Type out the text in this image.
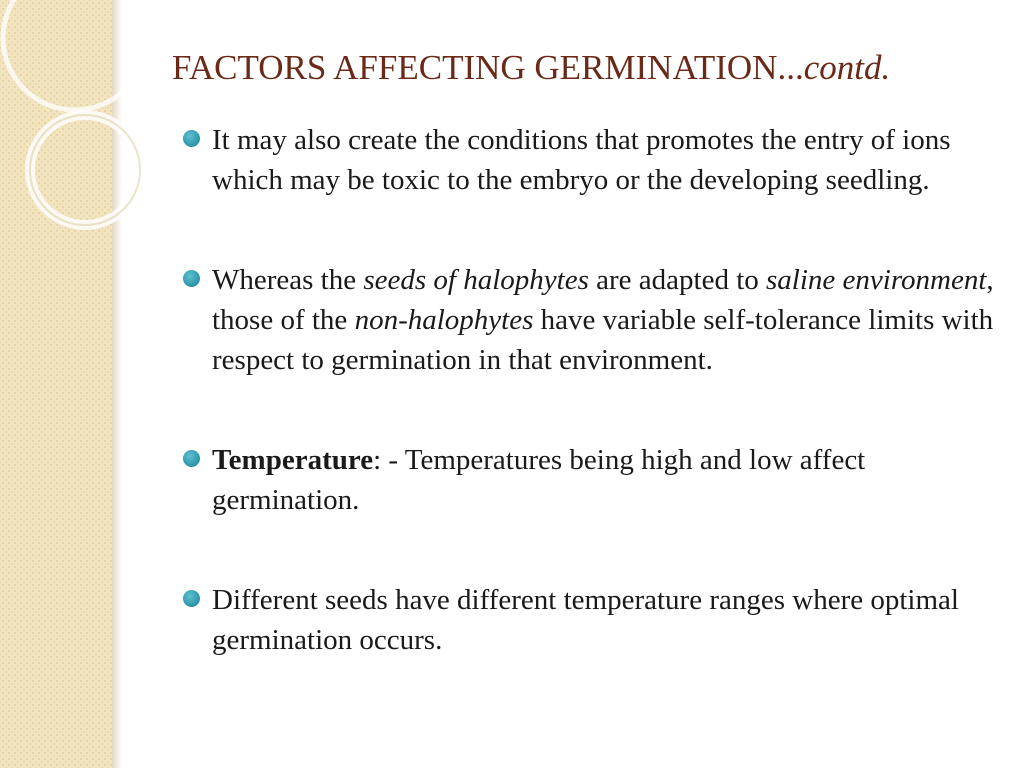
FACTORS AFFECTING GERMINATION...contd.
It may also create the conditions that promotes the entry of ions which may be toxic to the embryo or the developing seedling.
Whereas the seeds of halophytes are adapted to saline environment, those of the non-halophytes have variable self-tolerance limits with respect to germination in that environment.
Temperature: - Temperatures being high and low affect germination.
Different seeds have different temperature ranges where optimal germination occurs.
